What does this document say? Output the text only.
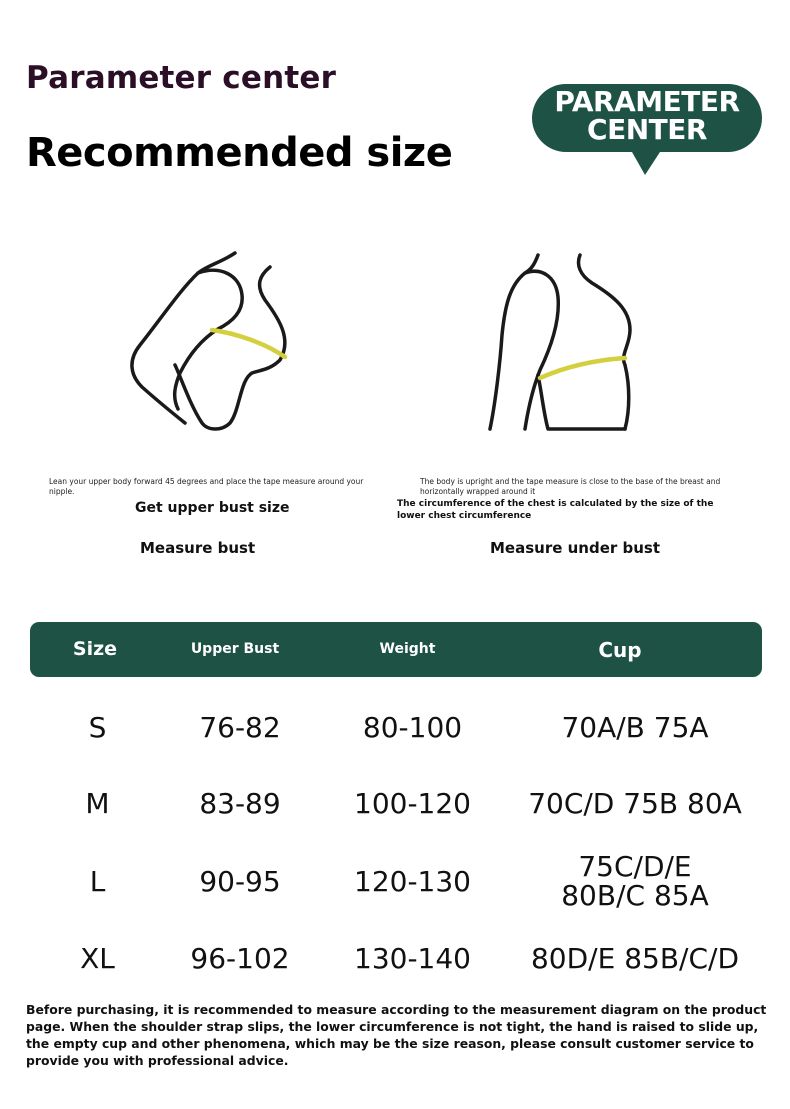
Parameter center
Recommended size
PARAMETER
CENTER
Lean your upper body forward 45 degrees and place the tape measure around your nipple.
Get upper bust size
Measure bust
The body is upright and the tape measure is close to the base of the breast and horizontally wrapped around it
The circumference of the chest is calculated by the size of the lower chest circumference
Measure under bust
Size	Upper Bust	Weight	Cup
S	76-82	80-100	70A/B 75A
M	83-89	100-120	70C/D 75B 80A
L	90-95	120-130	75C/D/E
80B/C 85A
XL	96-102	130-140	80D/E 85B/C/D
Before purchasing, it is recommended to measure according to the measurement diagram on the product page. When the shoulder strap slips, the lower circumference is not tight, the hand is raised to slide up, the empty cup and other phenomena, which may be the size reason, please consult customer service to provide you with professional advice.
